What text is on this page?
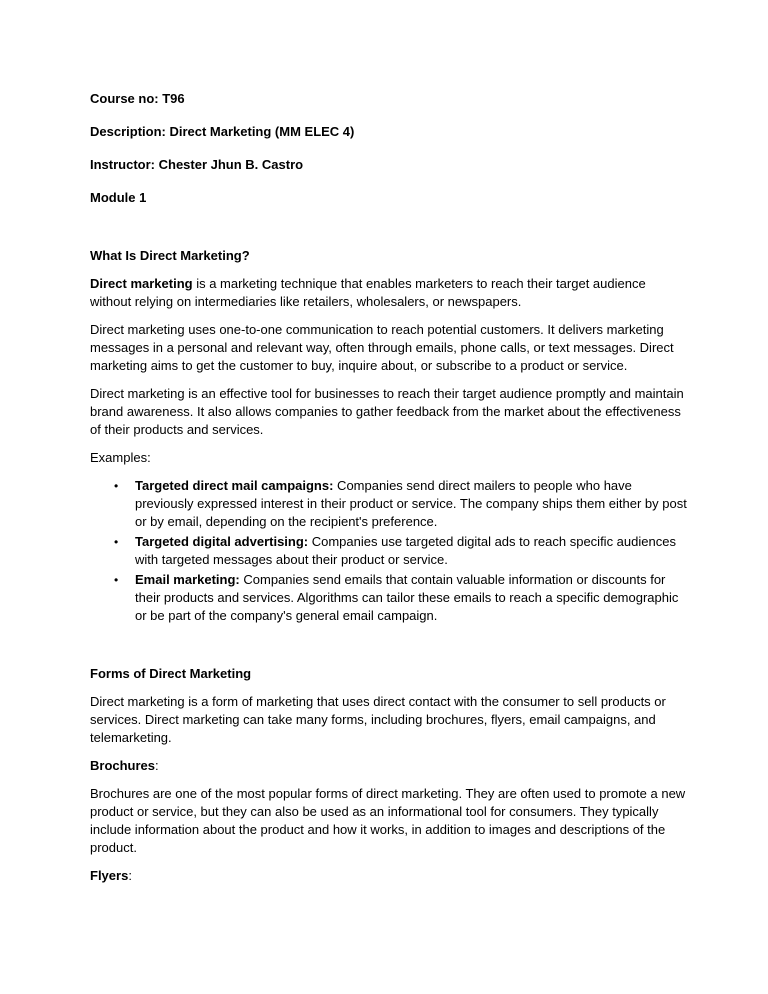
Course no: T96

Description: Direct Marketing (MM ELEC 4)

Instructor: Chester Jhun B. Castro

Module 1

What Is Direct Marketing?

Direct marketing is a marketing technique that enables marketers to reach their target audience without relying on intermediaries like retailers, wholesalers, or newspapers.

Direct marketing uses one-to-one communication to reach potential customers. It delivers marketing messages in a personal and relevant way, often through emails, phone calls, or text messages. Direct marketing aims to get the customer to buy, inquire about, or subscribe to a product or service.

Direct marketing is an effective tool for businesses to reach their target audience promptly and maintain brand awareness. It also allows companies to gather feedback from the market about the effectiveness of their products and services.

Examples:

• Targeted direct mail campaigns: Companies send direct mailers to people who have previously expressed interest in their product or service. The company ships them either by post or by email, depending on the recipient's preference.
• Targeted digital advertising: Companies use targeted digital ads to reach specific audiences with targeted messages about their product or service.
• Email marketing: Companies send emails that contain valuable information or discounts for their products and services. Algorithms can tailor these emails to reach a specific demographic or be part of the company's general email campaign.

Forms of Direct Marketing

Direct marketing is a form of marketing that uses direct contact with the consumer to sell products or services. Direct marketing can take many forms, including brochures, flyers, email campaigns, and telemarketing.

Brochures:

Brochures are one of the most popular forms of direct marketing. They are often used to promote a new product or service, but they can also be used as an informational tool for consumers. They typically include information about the product and how it works, in addition to images and descriptions of the product.

Flyers:
